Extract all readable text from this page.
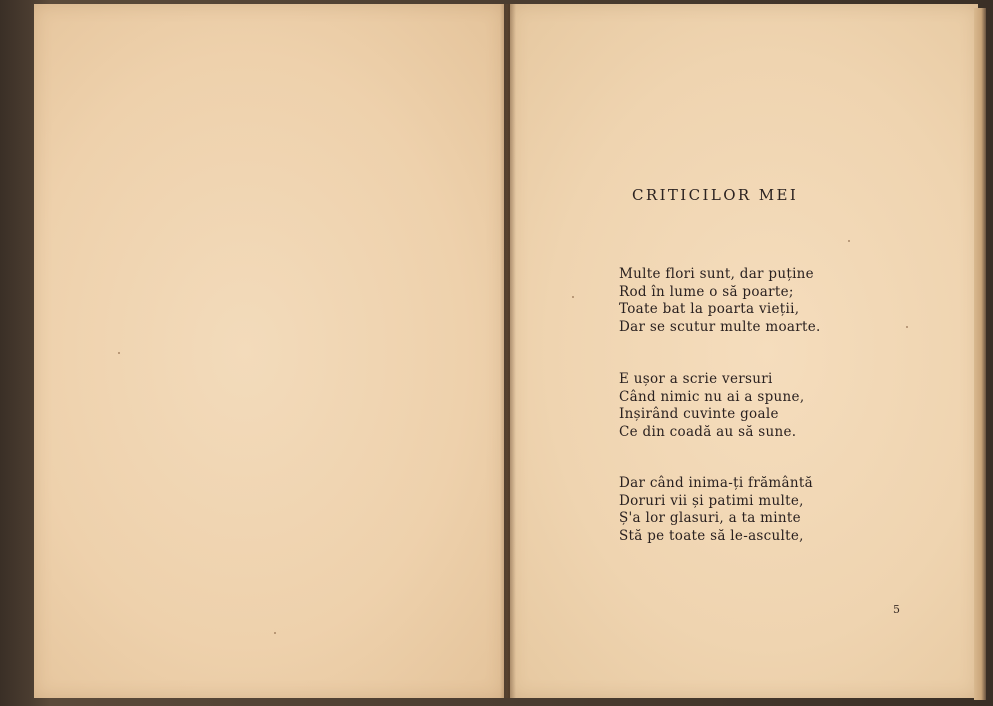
CRITICILOR MEI
Multe flori sunt, dar puține
Rod în lume o să poarte;
Toate bat la poarta vieții,
Dar se scutur multe moarte.
E ușor a scrie versuri
Când nimic nu ai a spune,
Inșirând cuvinte goale
Ce din coadă au să sune.
Dar când inima-ți frământă
Doruri vii și patimi multe,
Ș'a lor glasuri, a ta minte
Stă pe toate să le-asculte,
5
